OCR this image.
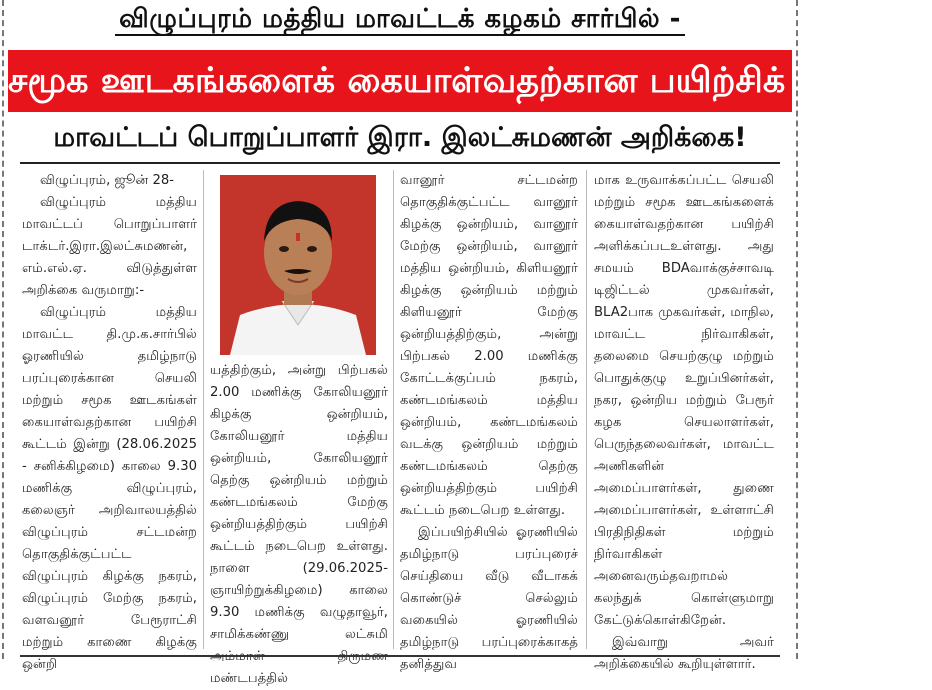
விழுப்புரம் மத்திய மாவட்டக் கழகம் சார்பில் -
சமூக ஊடகங்களைக் கையாள்வதற்கான பயிற்சிக் கூட்டம்!
மாவட்டப் பொறுப்பாளர் இரா. இலட்சுமணன் அறிக்கை!

விழுப்புரம், ஜூன் 28-

விழுப்புரம் மத்திய மாவட்டப் பொறுப்பாளர் டாக்டர்.இரா.இலட்சுமணன், எம்.எல்.ஏ. விடுத்துள்ள அறிக்கை வருமாறு:-

விழுப்புரம் மத்திய மாவட்ட தி.மு.க.சார்பில் ஓரணியில் தமிழ்நாடு பரப்புரைக்கான செயலி மற்றும் சமூக ஊடகங்கள் கையாள்வதற்கான பயிற்சி கூட்டம் இன்று (28.06.2025 - சனிக்கிழமை) காலை 9.30 மணிக்கு விழுப்புரம், கலைஞர் அறிவாலயத்தில் விழுப்புரம் சட்டமன்ற தொகுதிக்குட்பட்ட விழுப்புரம் கிழக்கு நகரம், விழுப்புரம் மேற்கு நகரம், வளவனூர் பேரூராட்சி மற்றும் காணை கிழக்கு ஒன்றி

யத்திற்கும், அன்று பிற்பகல் 2.00 மணிக்கு கோலியனூர் கிழக்கு ஒன்றியம், கோலியனூர் மத்திய ஒன்றியம், கோலியனூர் தெற்கு ஒன்றியம் மற்றும் கண்டமங்கலம் மேற்கு ஒன்றியத்திற்கும் பயிற்சி கூட்டம் நடைபெற உள்ளது. நாளை (29.06.2025-ஞாயிற்றுக்கிழமை) காலை 9.30 மணிக்கு வழுதாவூர், சாமிக்கண்ணு லட்சுமி அம்மாள் திருமண மண்டபத்தில்

வானூர் சட்டமன்ற தொகுதிக்குட்பட்ட வானூர் கிழக்கு ஒன்றியம், வானூர் மேற்கு ஒன்றியம், வானூர் மத்திய ஒன்றியம், கிளியனூர் கிழக்கு ஒன்றியம் மற்றும் கிளியனூர் மேற்கு ஒன்றியத்திற்கும், அன்று பிற்பகல் 2.00 மணிக்கு கோட்டக்குப்பம் நகரம், கண்டமங்கலம் மத்திய ஒன்றியம், கண்டமங்கலம் வடக்கு ஒன்றியம் மற்றும் கண்டமங்கலம் தெற்கு ஒன்றியத்திற்கும் பயிற்சி கூட்டம் நடைபெற உள்ளது.

இப்பயிற்சியில் ஓரணியில் தமிழ்நாடு பரப்புரைச் செய்தியை வீடு வீடாகக் கொண்டுச் செல்லும் வகையில் ஓரணியில் தமிழ்நாடு பரப்புரைக்காகத் தனித்துவ

மாக உருவாக்கப்பட்ட செயலி மற்றும் சமூக ஊடகங்களைக் கையாள்வதற்கான பயிற்சி அளிக்கப்படஉள்ளது. அது சமயம் BDAவாக்குச்சாவடி டிஜிட்டல் முகவர்கள், BLA2பாக முகவர்கள், மாநில, மாவட்ட நிர்வாகிகள், தலைமை செயற்குழு மற்றும் பொதுக்குழு உறுப்பினர்கள், நகர, ஒன்றிய மற்றும் பேரூர் கழக செயலாளர்கள், பெருந்தலைவர்கள், மாவட்ட அணிகளின் அமைப்பாளர்கள், துணை அமைப்பாளர்கள், உள்ளாட்சி பிரதிநிதிகள் மற்றும் நிர்வாகிகள் அனைவரும்தவறாமல் கலந்துக் கொள்ளுமாறு கேட்டுக்கொள்கிறேன்.

இவ்வாறு அவர் அறிக்கையில் கூறியுள்ளார்.
